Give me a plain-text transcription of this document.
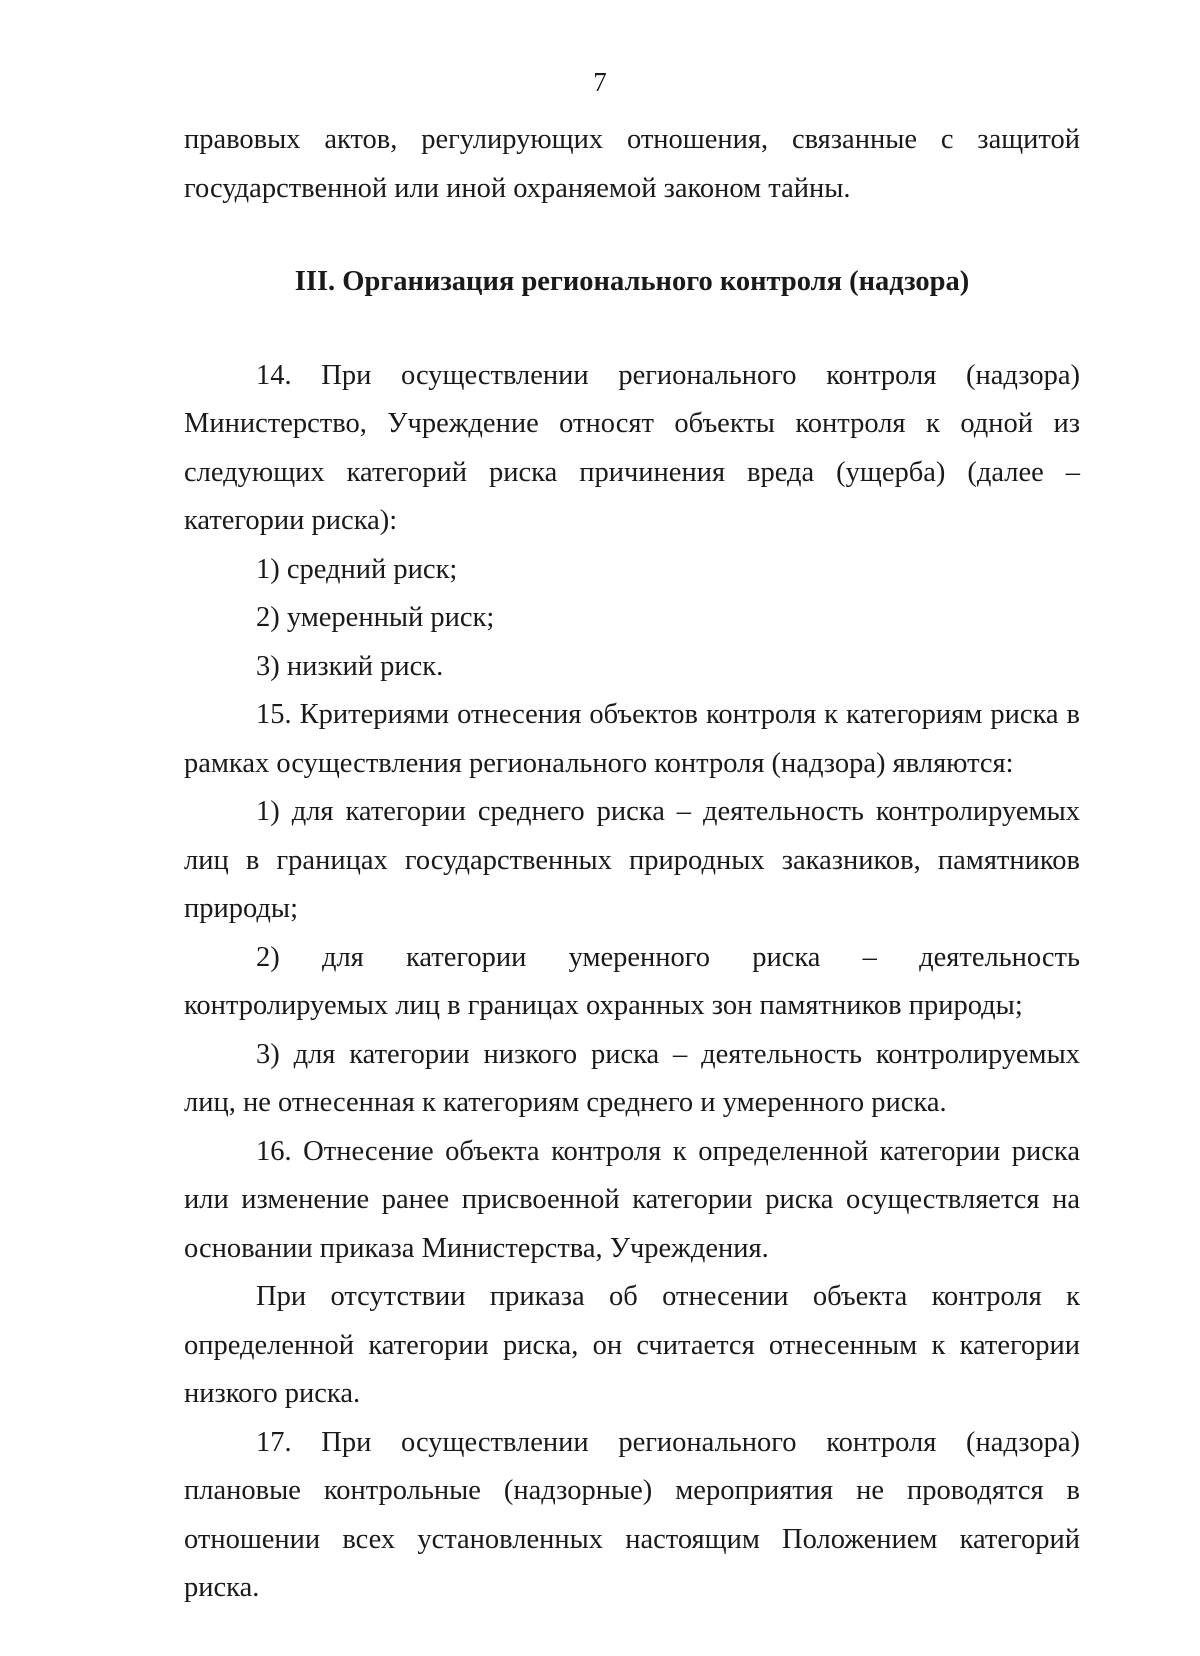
7

правовых актов, регулирующих отношения, связанные с защитой государственной или иной охраняемой законом тайны.

III. Организация регионального контроля (надзора)

14. При осуществлении регионального контроля (надзора) Министерство, Учреждение относят объекты контроля к одной из следующих категорий риска причинения вреда (ущерба) (далее – категории риска):

1) средний риск;

2) умеренный риск;

3) низкий риск.

15. Критериями отнесения объектов контроля к категориям риска в рамках осуществления регионального контроля (надзора) являются:

1) для категории среднего риска – деятельность контролируемых лиц в границах государственных природных заказников, памятников природы;

2) для категории умеренного риска – деятельность контролируемых лиц в границах охранных зон памятников природы;

3) для категории низкого риска – деятельность контролируемых лиц, не отнесенная к категориям среднего и умеренного риска.

16. Отнесение объекта контроля к определенной категории риска или изменение ранее присвоенной категории риска осуществляется на основании приказа Министерства, Учреждения.

При отсутствии приказа об отнесении объекта контроля к определенной категории риска, он считается отнесенным к категории низкого риска.

17. При осуществлении регионального контроля (надзора) плановые контрольные (надзорные) мероприятия не проводятся в отношении всех установленных настоящим Положением категорий риска.
